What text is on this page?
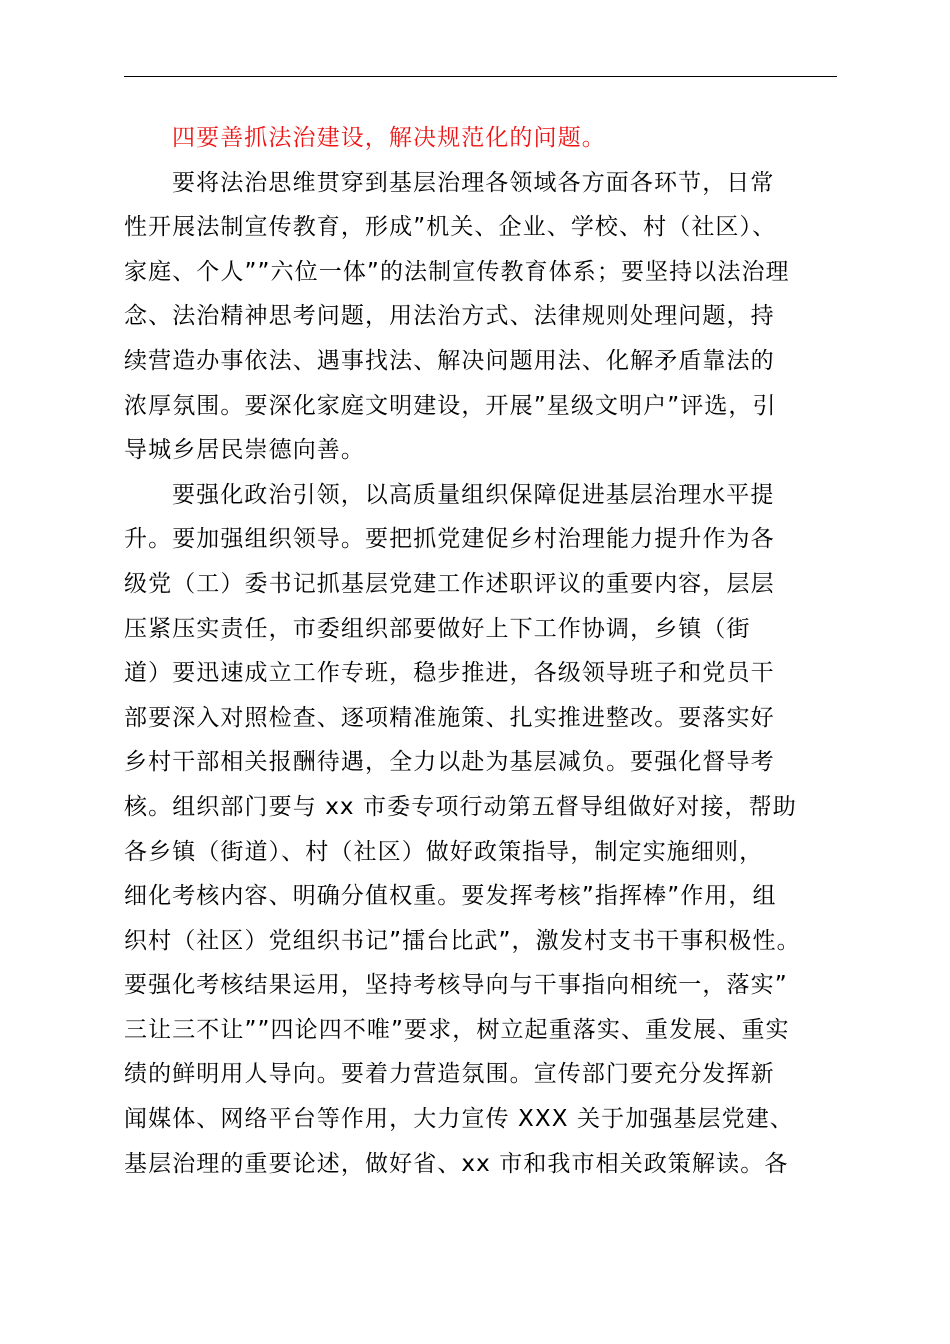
四要善抓法治建设，解决规范化的问题。
要将法治思维贯穿到基层治理各领域各方面各环节，日常
性开展法制宣传教育，形成”机关、企业、学校、村（社区）、
家庭、个人””六位一体”的法制宣传教育体系；要坚持以法治理
念、法治精神思考问题，用法治方式、法律规则处理问题，持
续营造办事依法、遇事找法、解决问题用法、化解矛盾靠法的
浓厚氛围。要深化家庭文明建设，开展”星级文明户”评选，引
导城乡居民崇德向善。
要强化政治引领，以高质量组织保障促进基层治理水平提
升。要加强组织领导。要把抓党建促乡村治理能力提升作为各
级党（工）委书记抓基层党建工作述职评议的重要内容，层层
压紧压实责任，市委组织部要做好上下工作协调，乡镇（街
道）要迅速成立工作专班，稳步推进，各级领导班子和党员干
部要深入对照检查、逐项精准施策、扎实推进整改。要落实好
乡村干部相关报酬待遇，全力以赴为基层减负。要强化督导考
核。组织部门要与 xx 市委专项行动第五督导组做好对接，帮助
各乡镇（街道）、村（社区）做好政策指导，制定实施细则，
细化考核内容、明确分值权重。要发挥考核”指挥棒”作用，组
织村（社区）党组织书记”擂台比武”，激发村支书干事积极性。
要强化考核结果运用，坚持考核导向与干事指向相统一，落实”
三让三不让””四论四不唯”要求，树立起重落实、重发展、重实
绩的鲜明用人导向。要着力营造氛围。宣传部门要充分发挥新
闻媒体、网络平台等作用，大力宣传 XXX 关于加强基层党建、
基层治理的重要论述，做好省、xx 市和我市相关政策解读。各
